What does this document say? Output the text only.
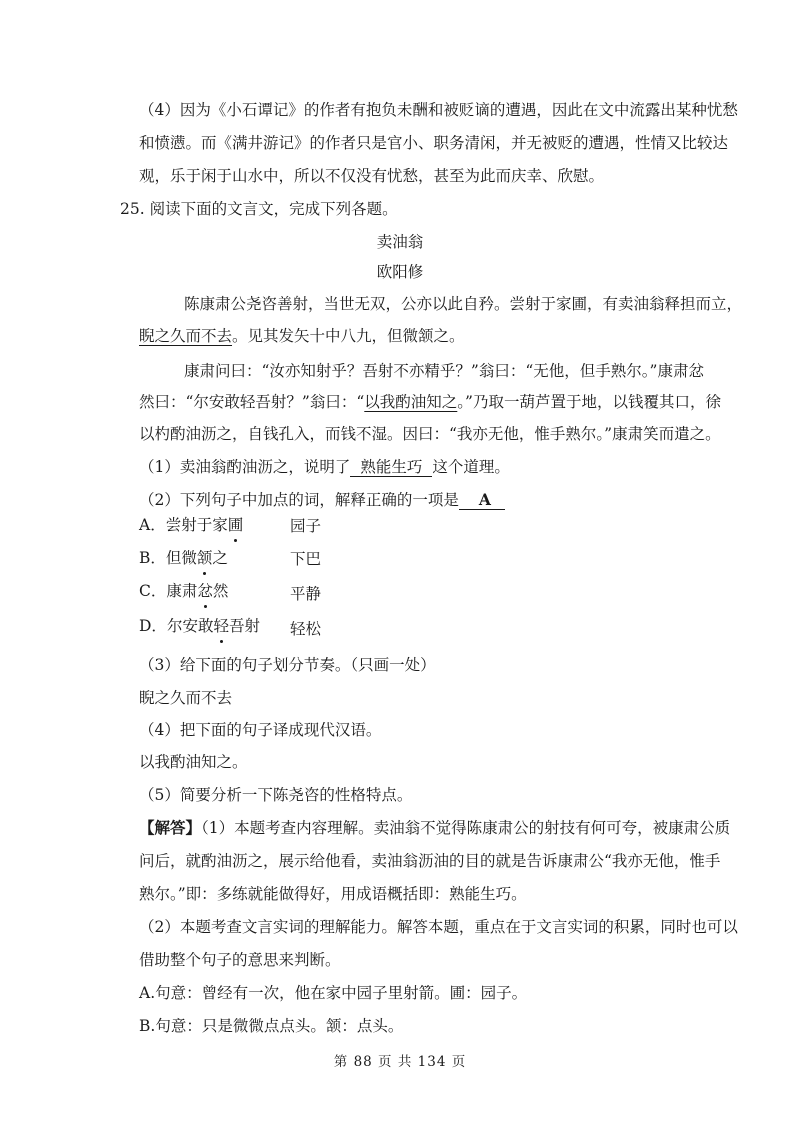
（4）因为《小石谭记》的作者有抱负未酬和被贬谪的遭遇，因此在文中流露出某种忧愁
和愤懑。而《满井游记》的作者只是官小、职务清闲，并无被贬的遭遇，性情又比较达
观，乐于闲于山水中，所以不仅没有忧愁，甚至为此而庆幸、欣慰。
25. 阅读下面的文言文，完成下列各题。
卖油翁
欧阳修
陈康肃公尧咨善射，当世无双，公亦以此自矜。尝射于家圃，有卖油翁释担而立，
睨之久而不去。见其发矢十中八九，但微颔之。
康肃问曰：“汝亦知射乎？吾射不亦精乎？”翁曰：“无他，但手熟尔。”康肃忿
然曰：“尔安敢轻吾射？”翁曰：“以我酌油知之。”乃取一葫芦置于地，以钱覆其口，徐
以杓酌油沥之，自钱孔入，而钱不湿。因曰：“我亦无他，惟手熟尔。”康肃笑而遣之。
（1）卖油翁酌油沥之，说明了 熟能生巧 这个道理。
（2）下列句子中加点的词，解释正确的一项是 A
A．尝射于家圃	园子
B．但微颔之	下巴
C．康肃忿然	平静
D．尔安敢轻吾射 轻松
（3）给下面的句子划分节奏。（只画一处）
睨之久而不去
（4）把下面的句子译成现代汉语。
以我酌油知之。
（5）简要分析一下陈尧咨的性格特点。
【解答】（1）本题考查内容理解。卖油翁不觉得陈康肃公的射技有何可夸，被康肃公质
问后，就酌油沥之，展示给他看，卖油翁沥油的目的就是告诉康肃公“我亦无他，惟手
熟尔。”即：多练就能做得好，用成语概括即：熟能生巧。
（2）本题考查文言实词的理解能力。解答本题，重点在于文言实词的积累，同时也可以
借助整个句子的意思来判断。
A.句意：曾经有一次，他在家中园子里射箭。圃：园子。
B.句意：只是微微点点头。颔：点头。
第 88 页 共 134 页
